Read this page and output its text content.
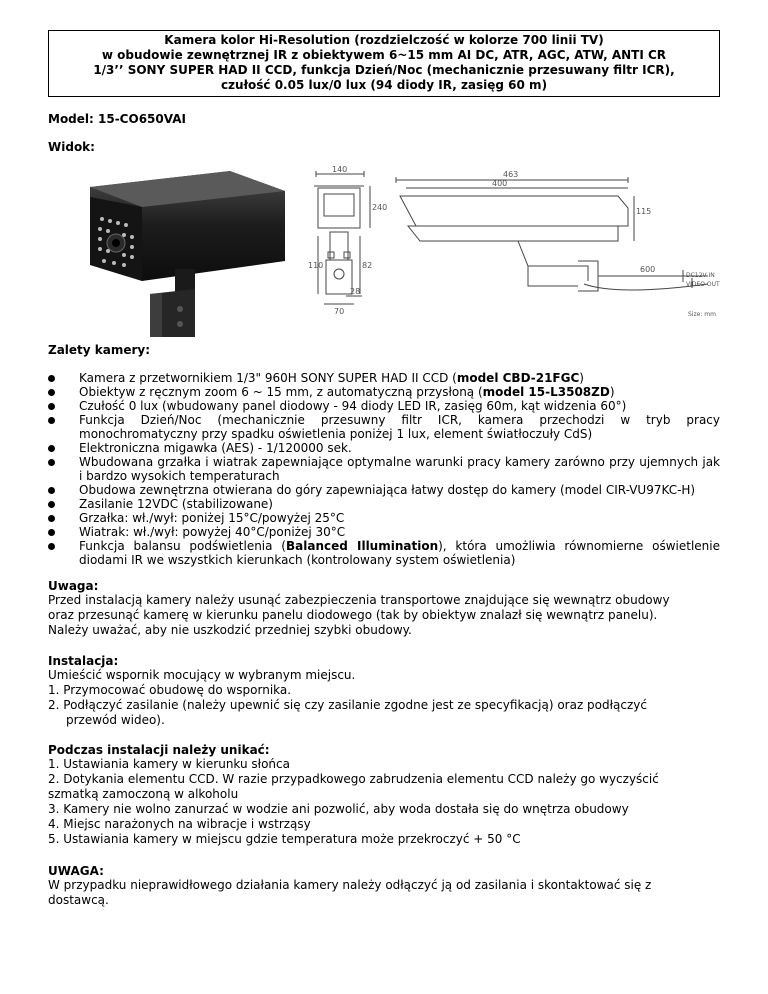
Kamera kolor Hi-Resolution (rozdzielczość w kolorze 700 linii TV)
w obudowie zewnętrznej IR z obiektywem 6~15 mm AI DC, ATR, AGC, ATW, ANTI CR
1/3’’ SONY SUPER HAD II CCD, funkcja Dzień/Noc (mechanicznie przesuwany filtr ICR),
czułość 0.05 lux/0 lux (94 diody IR, zasięg 60 m)
Model: 15-CO650VAI
Widok:
140
463
400
240	115
110	82
28
70
600
DC12V IN
VIDEO OUT
Size: mm
Zalety kamery:
Kamera z przetwornikiem 1/3" 960H SONY SUPER HAD II CCD (model CBD-21FGC)
Obiektyw z ręcznym zoom 6 ~ 15 mm, z automatyczną przysłoną (model 15-L3508ZD)
Czułość 0 lux (wbudowany panel diodowy - 94 diody LED IR, zasięg 60m, kąt widzenia 60°)
Funkcja Dzień/Noc (mechanicznie przesuwny filtr ICR, kamera przechodzi w tryb pracy monochromatyczny przy spadku oświetlenia poniżej 1 lux, element światłoczuły CdS)
Elektroniczna migawka (AES) - 1/120000 sek.
Wbudowana grzałka i wiatrak zapewniające optymalne warunki pracy kamery zarówno przy ujemnych jak i bardzo wysokich temperaturach
Obudowa zewnętrzna otwierana do góry zapewniająca łatwy dostęp do kamery (model CIR-VU97KC-H)
Zasilanie 12VDC (stabilizowane)
Grzałka: wł./wył: poniżej 15°C/powyżej 25°C
Wiatrak: wł./wył: powyżej 40°C/poniżej 30°C
Funkcja balansu podświetlenia (Balanced Illumination), która umożliwia równomierne oświetlenie diodami IR we wszystkich kierunkach (kontrolowany system oświetlenia)
Uwaga:
Przed instalacją kamery należy usunąć zabezpieczenia transportowe znajdujące się wewnątrz obudowy
oraz przesunąć kamerę w kierunku panelu diodowego (tak by obiektyw znalazł się wewnątrz panelu).
Należy uważać, aby nie uszkodzić przedniej szybki obudowy.
Instalacja:
Umieścić wspornik mocujący w wybranym miejscu.
1. Przymocować obudowę do wspornika.
2. Podłączyć zasilanie (należy upewnić się czy zasilanie zgodne jest ze specyfikacją) oraz podłączyć
przewód wideo).
Podczas instalacji należy unikać:
1. Ustawiania kamery w kierunku słońca
2. Dotykania elementu CCD. W razie przypadkowego zabrudzenia elementu CCD należy go wyczyścić
szmatką zamoczoną w alkoholu
3. Kamery nie wolno zanurzać w wodzie ani pozwolić, aby woda dostała się do wnętrza obudowy
4. Miejsc narażonych na wibracje i wstrząsy
5. Ustawiania kamery w miejscu gdzie temperatura może przekroczyć + 50 °C
UWAGA:
W przypadku nieprawidłowego działania kamery należy odłączyć ją od zasilania i skontaktować się z
dostawcą.
